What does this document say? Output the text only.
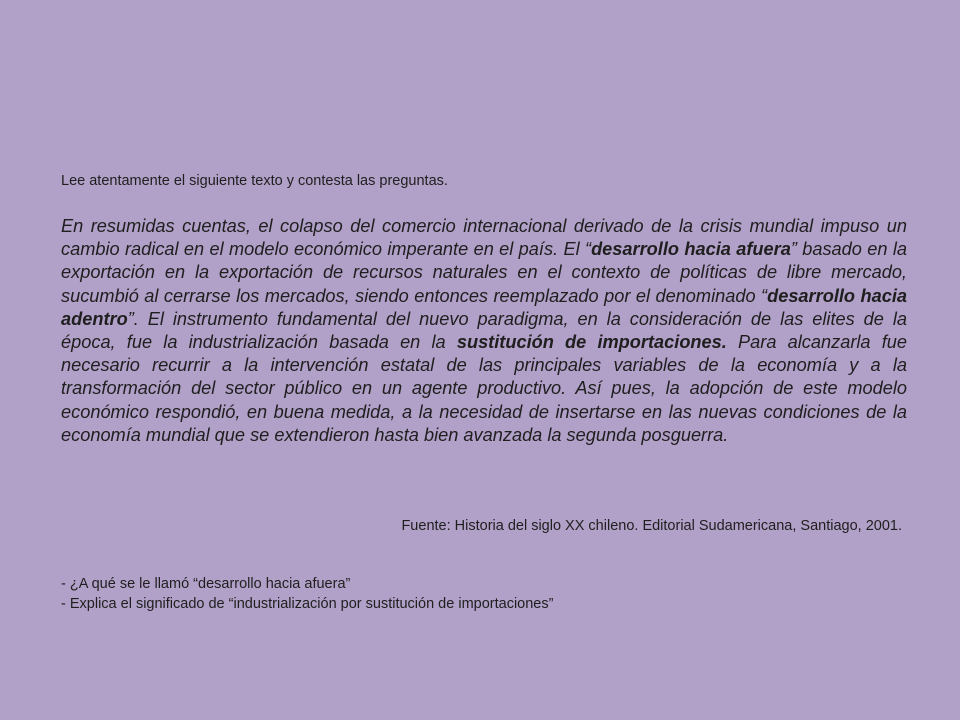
Lee atentamente el siguiente texto y contesta las preguntas.
En resumidas cuentas, el colapso del comercio internacional derivado de la crisis mundial impuso un cambio radical en el modelo económico imperante en el país. El “desarrollo hacia afuera” basado en la exportación en la exportación de recursos naturales en el contexto de políticas de libre mercado, sucumbió al cerrarse los mercados, siendo entonces reemplazado por el denominado “desarrollo hacia adentro”. El instrumento fundamental del nuevo paradigma, en la consideración de las elites de la época, fue la industrialización basada en la sustitución de importaciones. Para alcanzarla fue necesario recurrir a la intervención estatal de las principales variables de la economía y a la transformación del sector público en un agente productivo. Así pues, la adopción de este modelo económico respondió, en buena medida, a la necesidad de insertarse en las nuevas condiciones de la economía mundial que se extendieron hasta bien avanzada la segunda posguerra.
Fuente: Historia del siglo XX chileno. Editorial Sudamericana, Santiago, 2001.
- ¿A qué se le llamó “desarrollo hacia afuera”
- Explica el significado de “industrialización por sustitución de importaciones”
